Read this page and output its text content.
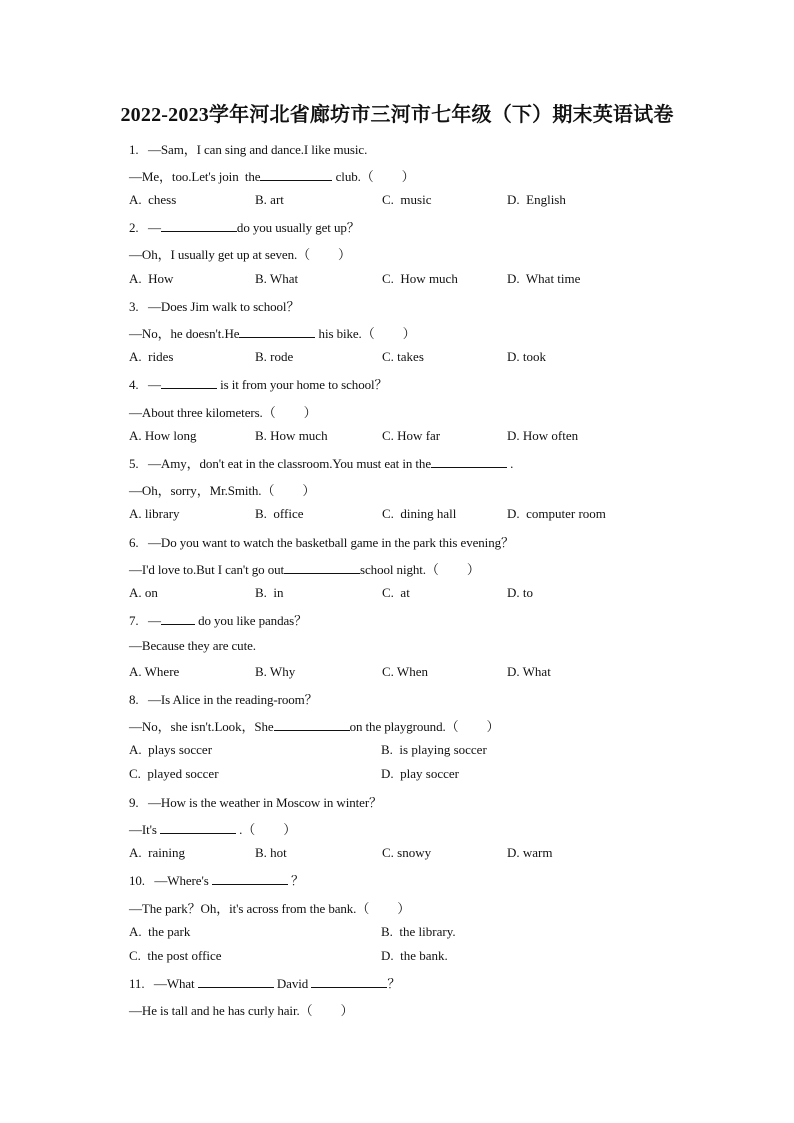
2022-2023学年河北省廊坊市三河市七年级（下）期末英语试卷
1. —Sam，I can sing and dance.I like music.
—Me，too.Let's join  the	club.（ ）
A.  chess	B. art	C.  music	D.  English
2. —	do you usually get up？
—Oh，I usually get up at seven.（ ）
A.  How	B. What	C.  How much	D.  What time
3. —Does Jim walk to school？
—No，he doesn't.He	his bike.（ ）
A.  rides	B. rode	C. takes	D. took
4. —	is it from your home to school？
—About three kilometers.（ ）
A. How long	B. How much	C. How far	D. How often
5. —Amy，don't eat in the classroom.You must eat in the	.
—Oh，sorry，Mr.Smith.（ ）
A. library	B.  office	C.  dining hall	D.  computer room
6. —Do you want to watch the basketball game in the park this evening？
—I'd love to.But I can't go out	school night.（ ）
A. on	B.  in	C.  at	D. to
7. —	do you like pandas？
—Because they are cute.
A. Where	B. Why	C. When	D. What
8. —Is Alice in the reading-room？
—No，she isn't.Look，She	on the playground.（ ）
A.  plays soccer	B.  is playing soccer
C.  played soccer	D.  play soccer
9. —How is the weather in Moscow in winter？
—It's	.（ ）
A.  raining	B. hot	C. snowy	D. warm
10. —Where's	？
—The park？Oh，it's across from the bank.（ ）
A.  the park	B.  the library.
C.  the post office	D.  the bank.
11. —What	David	？
—He is tall and he has curly hair.（ ）
